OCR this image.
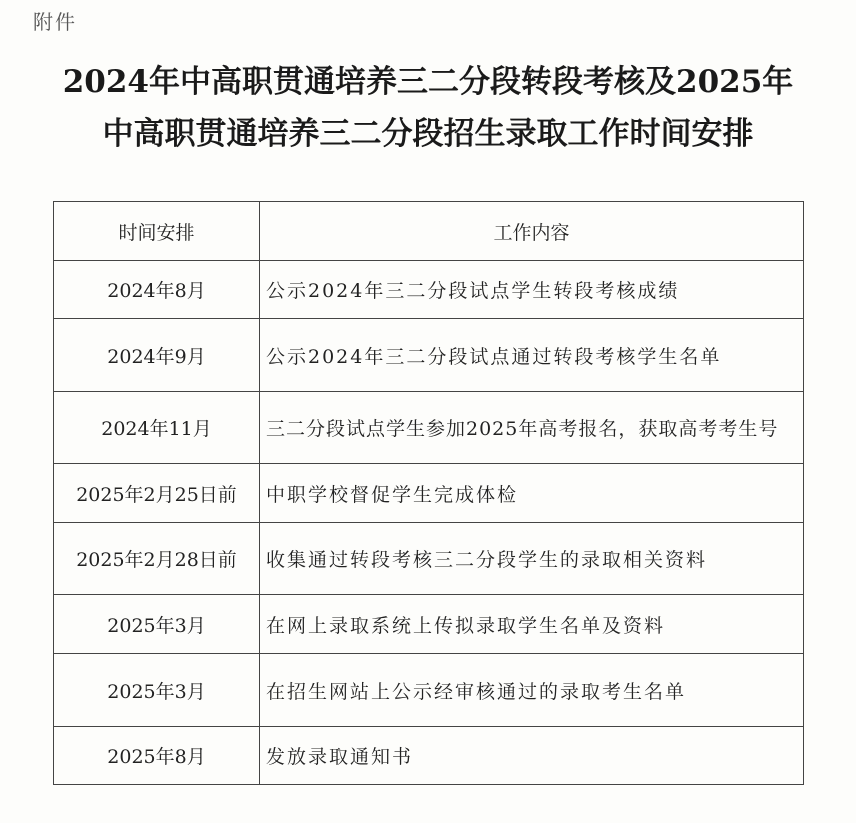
附件
2024年中高职贯通培养三二分段转段考核及2025年
中高职贯通培养三二分段招生录取工作时间安排
时间安排	工作内容
2024年8月	公示2024年三二分段试点学生转段考核成绩
2024年9月	公示2024年三二分段试点通过转段考核学生名单
2024年11月	三二分段试点学生参加2025年高考报名，获取高考考生号
2025年2月25日前	中职学校督促学生完成体检
2025年2月28日前	收集通过转段考核三二分段学生的录取相关资料
2025年3月	在网上录取系统上传拟录取学生名单及资料
2025年3月	在招生网站上公示经审核通过的录取考生名单
2025年8月	发放录取通知书
